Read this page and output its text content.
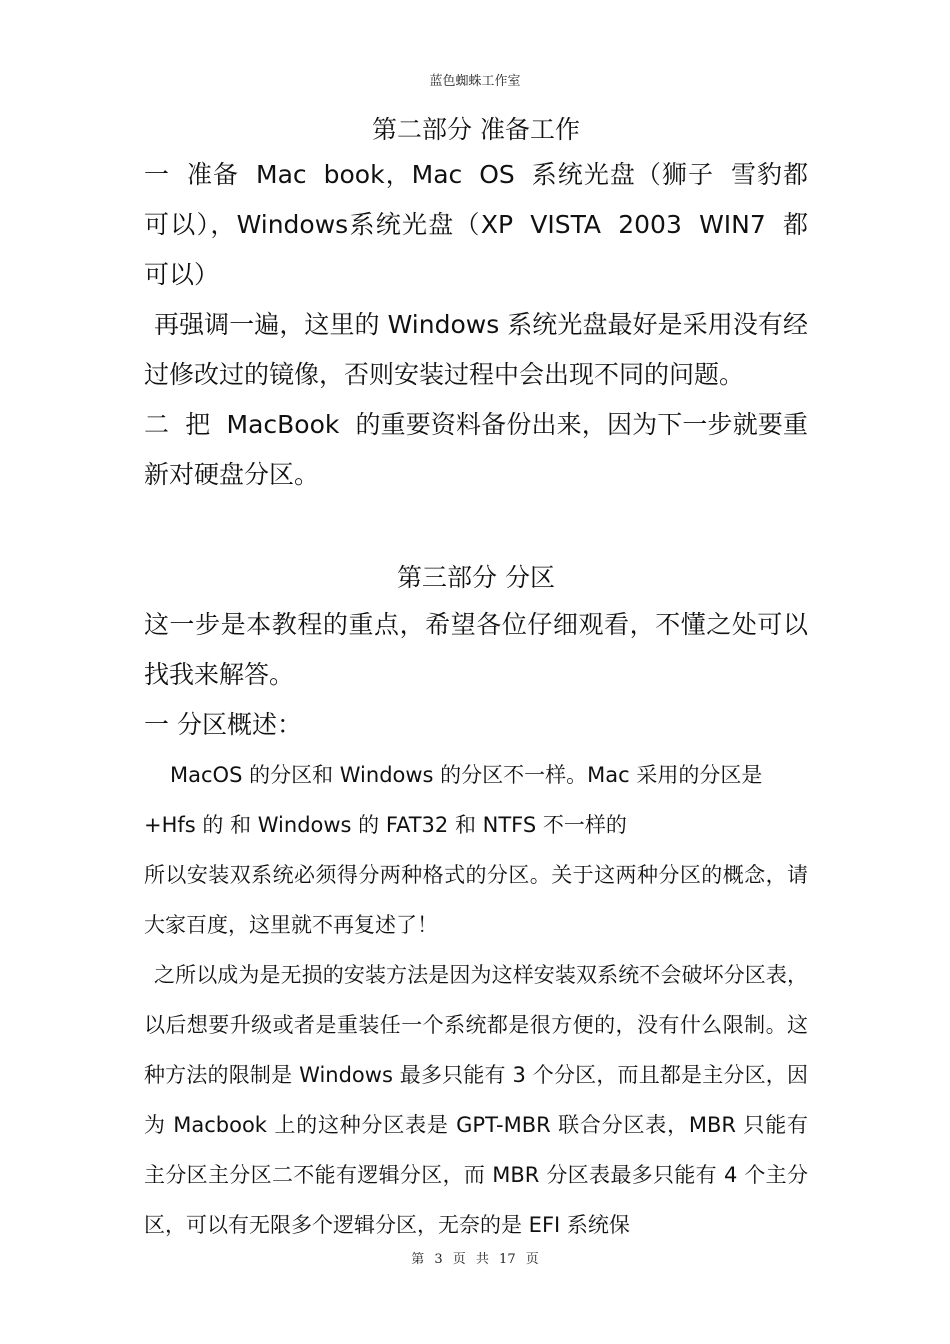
蓝色蜘蛛工作室

第二部分 准备工作

一 准备 Mac book，Mac OS 系统光盘（狮子 雪豹都可以），Windows系统光盘（XP VISTA 2003 WIN7 都可以）

再强调一遍，这里的 Windows 系统光盘最好是采用没有经过修改过的镜像，否则安装过程中会出现不同的问题。

二 把 MacBook 的重要资料备份出来，因为下一步就要重新对硬盘分区。

第三部分 分区

这一步是本教程的重点，希望各位仔细观看，不懂之处可以找我来解答。

一 分区概述：

MacOS 的分区和 Windows 的分区不一样。Mac 采用的分区是

+Hfs 的 和 Windows 的 FAT32 和 NTFS 不一样的

所以安装双系统必须得分两种格式的分区。关于这两种分区的概念，请大家百度，这里就不再复述了！

之所以成为是无损的安装方法是因为这样安装双系统不会破坏分区表，以后想要升级或者是重装任一个系统都是很方便的，没有什么限制。这种方法的限制是 Windows 最多只能有 3 个分区，而且都是主分区，因为 Macbook 上的这种分区表是 GPT-MBR 联合分区表，MBR 只能有主分区主分区二不能有逻辑分区，而 MBR 分区表最多只能有 4 个主分区，可以有无限多个逻辑分区，无奈的是 EFI 系统保

第 3 页 共 17 页
